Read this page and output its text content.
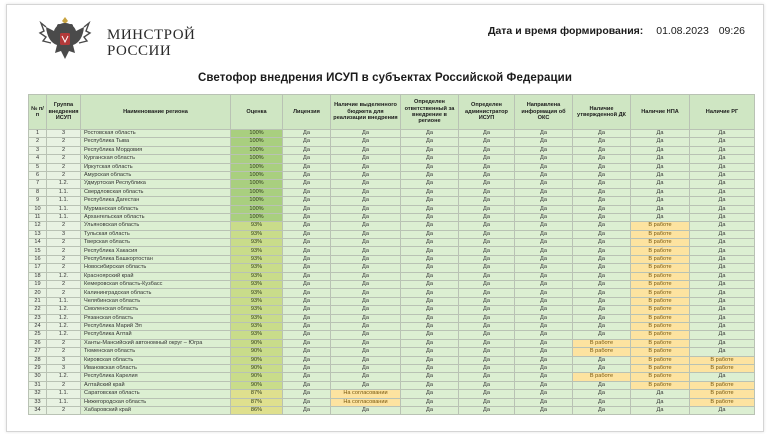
МИНСТРОЙ
РОССИИ
Дата и время формирования: 01.08.2023 09:26
Светофор внедрения ИСУП в субъектах Российской Федерации
№ п/п	Группа внедрения ИСУП	Наименование региона	Оценка	Лицензия	Наличие выделенного бюджета для реализации внедрения	Определен ответственный за внедрение в регионе	Определен администратор ИСУП	Направлена информация об ОКС	Наличие утвержденной ДК	Наличие НПА	Наличие РГ
1	3	Ростовская область	100%	Да	Да	Да	Да	Да	Да	Да	Да
2	2	Республика Тыва	100%	Да	Да	Да	Да	Да	Да	Да	Да
3	2	Республика Мордовия	100%	Да	Да	Да	Да	Да	Да	Да	Да
4	2	Курганская область	100%	Да	Да	Да	Да	Да	Да	Да	Да
5	2	Иркутская область	100%	Да	Да	Да	Да	Да	Да	Да	Да
6	2	Амурская область	100%	Да	Да	Да	Да	Да	Да	Да	Да
7	1.2.	Удмуртская Республика	100%	Да	Да	Да	Да	Да	Да	Да	Да
8	1.1.	Свердловская область	100%	Да	Да	Да	Да	Да	Да	Да	Да
9	1.1.	Республика Дагестан	100%	Да	Да	Да	Да	Да	Да	Да	Да
10	1.1.	Мурманская область	100%	Да	Да	Да	Да	Да	Да	Да	Да
11	1.1.	Архангельская область	100%	Да	Да	Да	Да	Да	Да	Да	Да
12	2	Ульяновская область	93%	Да	Да	Да	Да	Да	Да	В работе	Да
13	3	Тульская область	93%	Да	Да	Да	Да	Да	Да	В работе	Да
14	2	Тверская область	93%	Да	Да	Да	Да	Да	Да	В работе	Да
15	2	Республика Хакасия	93%	Да	Да	Да	Да	Да	Да	В работе	Да
16	2	Республика Башкортостан	93%	Да	Да	Да	Да	Да	Да	В работе	Да
17	2	Новосибирская область	93%	Да	Да	Да	Да	Да	Да	В работе	Да
18	1.2.	Красноярский край	93%	Да	Да	Да	Да	Да	Да	В работе	Да
19	2	Кемеровская область-Кузбасс	93%	Да	Да	Да	Да	Да	Да	В работе	Да
20	2	Калининградская область	93%	Да	Да	Да	Да	Да	Да	В работе	Да
21	1.1.	Челябинская область	93%	Да	Да	Да	Да	Да	Да	В работе	Да
22	1.2.	Смоленская область	93%	Да	Да	Да	Да	Да	Да	В работе	Да
23	1.2.	Рязанская область	93%	Да	Да	Да	Да	Да	Да	В работе	Да
24	1.2.	Республика Марий Эл	93%	Да	Да	Да	Да	Да	Да	В работе	Да
25	1.2.	Республика Алтай	93%	Да	Да	Да	Да	Да	Да	В работе	Да
26	2	Ханты-Мансийский автономный округ – Югра	90%	Да	Да	Да	Да	Да	В работе	В работе	Да
27	2	Тюменская область	90%	Да	Да	Да	Да	Да	В работе	В работе	Да
28	3	Кировская область	90%	Да	Да	Да	Да	Да	Да	В работе	В работе
29	3	Ивановская область	90%	Да	Да	Да	Да	Да	Да	В работе	В работе
30	1.2.	Республика Карелия	90%	Да	Да	Да	Да	Да	В работе	В работе	Да
31	2	Алтайский край	90%	Да	Да	Да	Да	Да	Да	В работе	В работе
32	1.1.	Саратовская область	87%	Да	На согласовании	Да	Да	Да	Да	Да	В работе
33	1.1.	Нижегородская область	87%	Да	На согласовании	Да	Да	Да	Да	Да	В работе
34	2	Хабаровский край	86%	Да	Да	Да	Да	Да	Да	Да	Да
